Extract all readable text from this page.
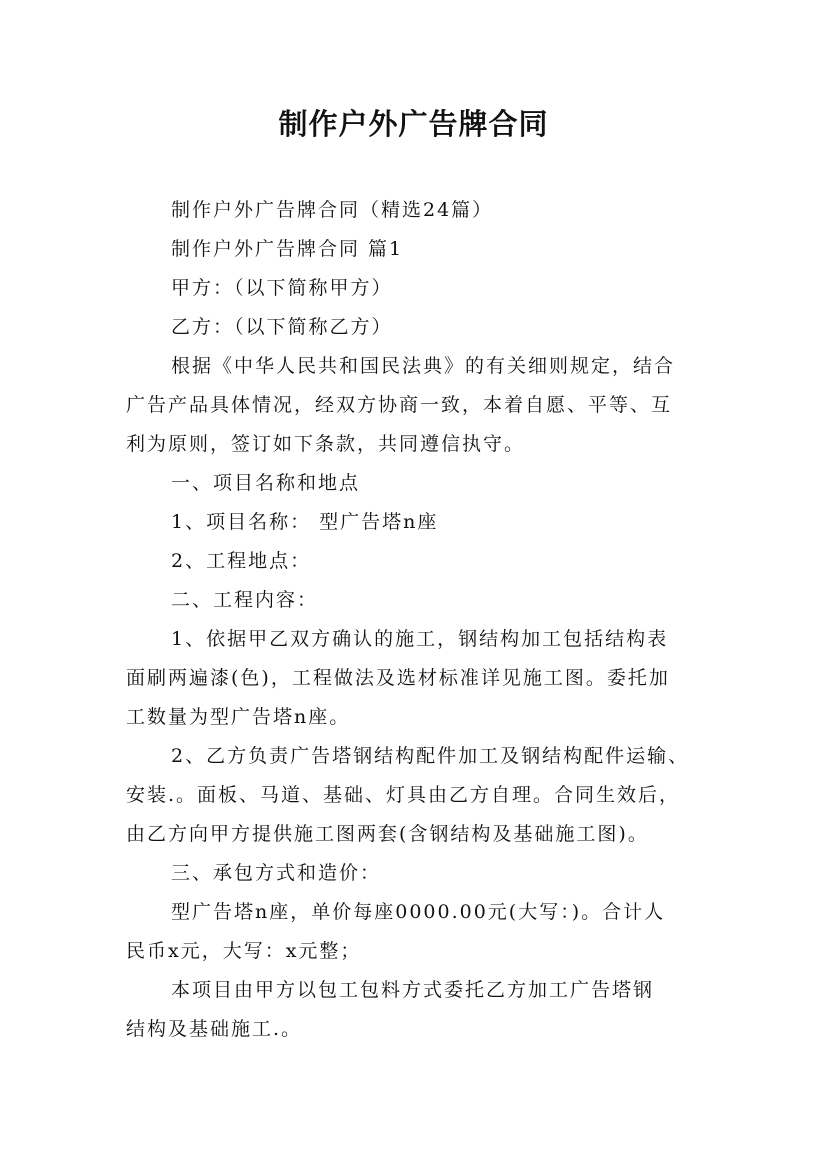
制作户外广告牌合同

制作户外广告牌合同（精选24篇）

制作户外广告牌合同 篇1

甲方：（以下简称甲方）

乙方：（以下简称乙方）

根据《中华人民共和国民法典》的有关细则规定，结合
广告产品具体情况，经双方协商一致，本着自愿、平等、互
利为原则，签订如下条款，共同遵信执守。

一、项目名称和地点

1、项目名称： 型广告塔n座

2、工程地点：

二、工程内容：

1、依据甲乙双方确认的施工，钢结构加工包括结构表
面刷两遍漆(色)，工程做法及选材标准详见施工图。委托加
工数量为型广告塔n座。

2、乙方负责广告塔钢结构配件加工及钢结构配件运输、
安装.。面板、马道、基础、灯具由乙方自理。合同生效后，
由乙方向甲方提供施工图两套(含钢结构及基础施工图)。

三、承包方式和造价：

型广告塔n座，单价每座0000.00元(大写：)。合计人
民币x元，大写：x元整；

本项目由甲方以包工包料方式委托乙方加工广告塔钢
结构及基础施工.。
